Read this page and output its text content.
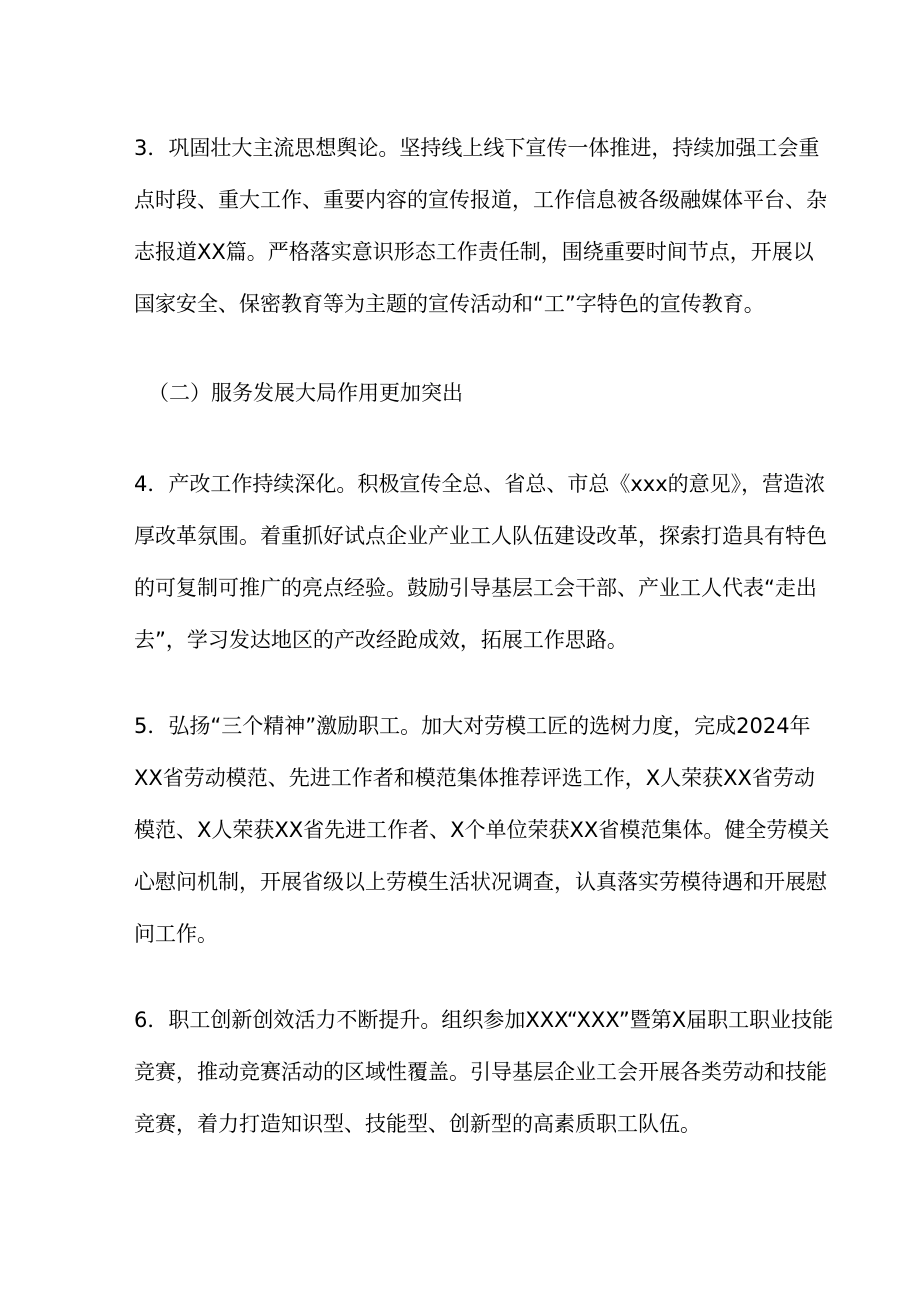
3．巩固壮大主流思想舆论。坚持线上线下宣传一体推进，持续加强工会重
点时段、重大工作、重要内容的宣传报道，工作信息被各级融媒体平台、杂
志报道XX篇。严格落实意识形态工作责任制，围绕重要时间节点，开展以
国家安全、保密教育等为主题的宣传活动和“工”字特色的宣传教育。

（二）服务发展大局作用更加突出

4．产改工作持续深化。积极宣传全总、省总、市总《xxx的意见》，营造浓
厚改革氛围。着重抓好试点企业产业工人队伍建设改革，探索打造具有特色
的可复制可推广的亮点经验。鼓励引导基层工会干部、产业工人代表“走出
去”，学习发达地区的产改经跄成效，拓展工作思路。
5．弘扬“三个精神”激励职工。加大对劳模工匠的选树力度，完成2024年
XX省劳动模范、先进工作者和模范集体推荐评选工作，X人荣获XX省劳动
模范、X人荣获XX省先进工作者、X个单位荣获XX省模范集体。健全劳模关
心慰问机制，开展省级以上劳模生活状况调查，认真落实劳模待遇和开展慰
问工作。
6．职工创新创效活力不断提升。组织参加XXX“XXX”暨第X届职工职业技能
竞赛，推动竞赛活动的区域性覆盖。引导基层企业工会开展各类劳动和技能
竞赛，着力打造知识型、技能型、创新型的高素质职工队伍。
